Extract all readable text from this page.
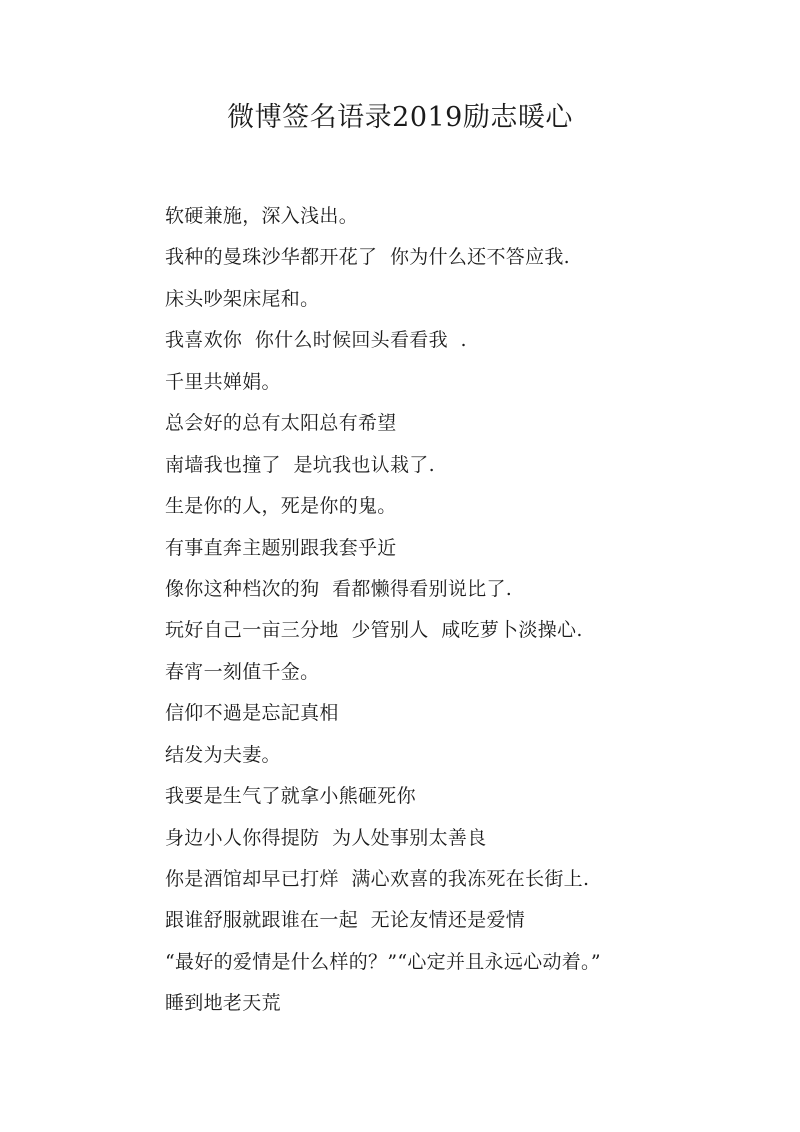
微博签名语录2019励志暖心
软硬兼施，深入浅出。
我种的曼珠沙华都开花了  你为什么还不答应我.
床头吵架床尾和。
我喜欢你  你什么时候回头看看我  .
千里共婵娟。
总会好的总有太阳总有希望
南墙我也撞了  是坑我也认栽了.
生是你的人，死是你的鬼。
有事直奔主题别跟我套乎近
像你这种档次的狗  看都懒得看别说比了.
玩好自己一亩三分地  少管别人  咸吃萝卜淡操心.
春宵一刻值千金。
信仰不過是忘記真相
结发为夫妻。
我要是生气了就拿小熊砸死你
身边小人你得提防  为人处事别太善良
你是酒馆却早已打烊  满心欢喜的我冻死在长街上.
跟谁舒服就跟谁在一起  无论友情还是爱情
“最好的爱情是什么样的？”“心定并且永远心动着。”
睡到地老天荒
